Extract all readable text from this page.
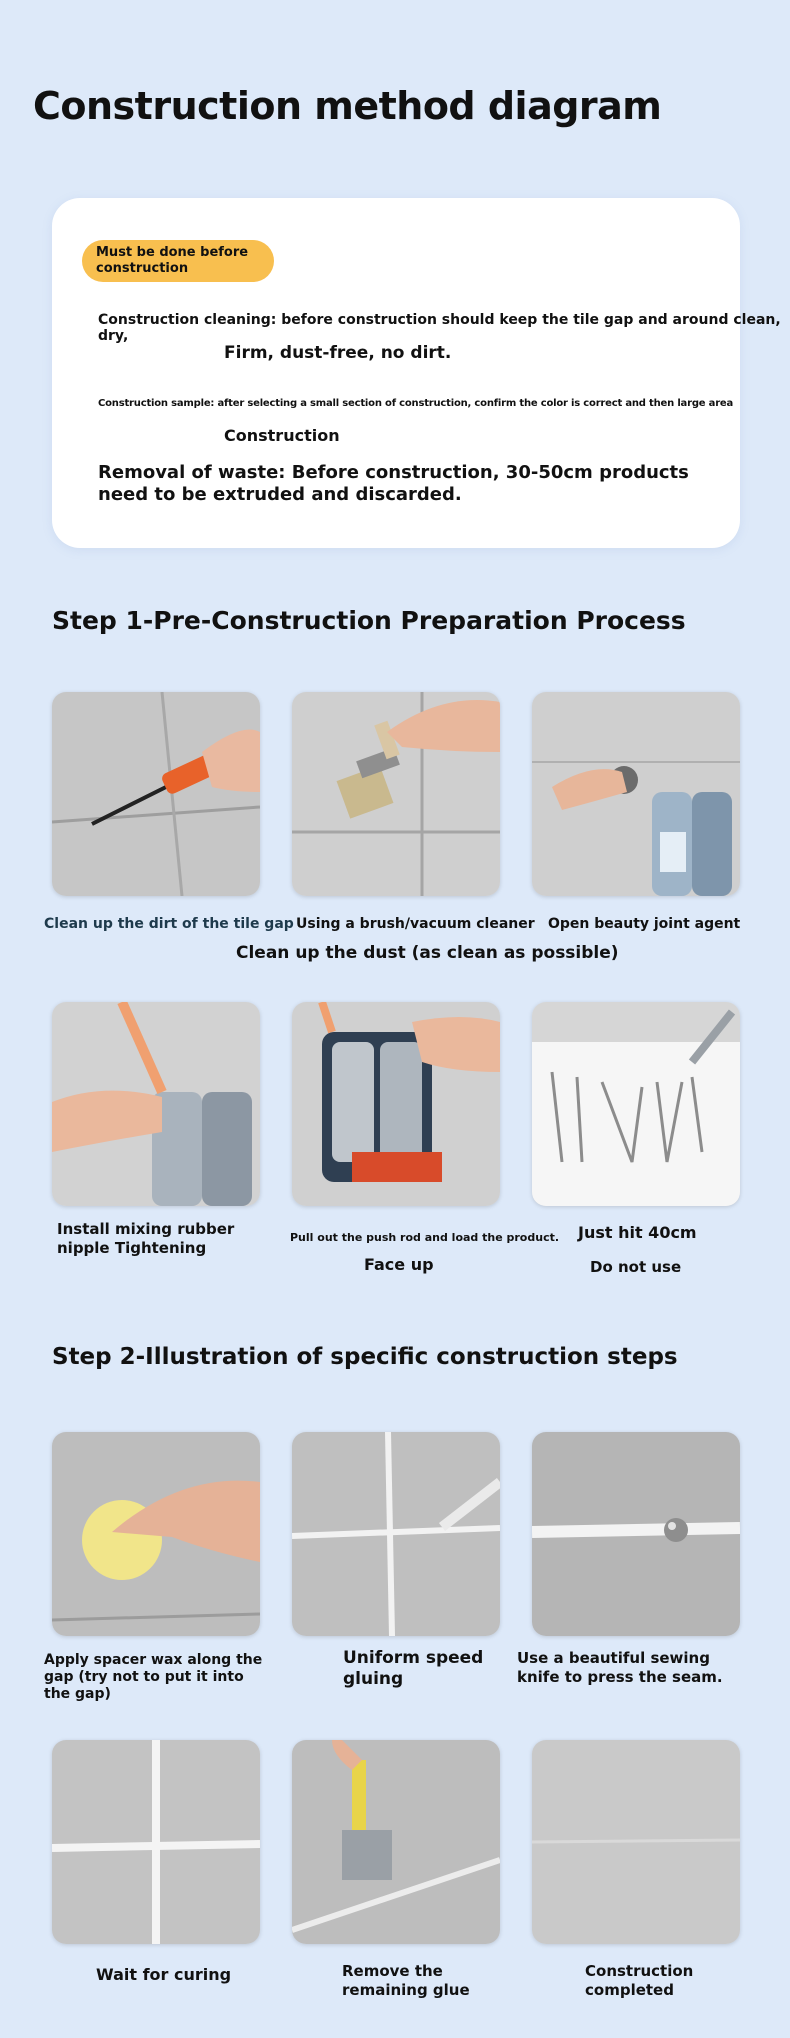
Construction method diagram
Must be done before construction
Construction cleaning: before construction should keep the tile gap and around clean, dry,
Firm, dust-free, no dirt.
Construction sample: after selecting a small section of construction, confirm the color is correct and then large area
Construction
Removal of waste: Before construction, 30-50cm products need to be extruded and discarded.
Step 1-Pre-Construction Preparation Process
Clean up the dirt of the tile gap Using a brush/vacuum cleaner Open beauty joint agent
Clean up the dust (as clean as possible)
Install mixing rubber nipple Tightening
Pull out the push rod and load the product.
Face up
Just hit 40cm
Do not use
Step 2-Illustration of specific construction steps
Apply spacer wax along the gap (try not to put it into the gap)
Uniform speed gluing
Use a beautiful sewing knife to press the seam.
Wait for curing	Remove the remaining glue
Construction completed
